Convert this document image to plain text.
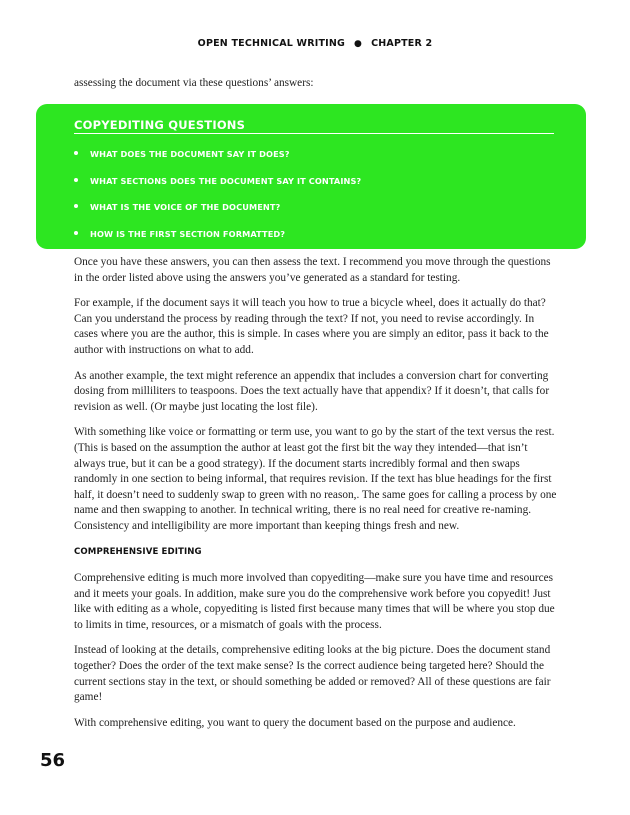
OPEN TECHNICAL WRITING ● CHAPTER 2

assessing the document via these questions’ answers:

COPYEDITING QUESTIONS
WHAT DOES THE DOCUMENT SAY IT DOES?
WHAT SECTIONS DOES THE DOCUMENT SAY IT CONTAINS?
WHAT IS THE VOICE OF THE DOCUMENT?
HOW IS THE FIRST SECTION FORMATTED?

Once you have these answers, you can then assess the text. I recommend you move through the questions in the order listed above using the answers you’ve generated as a standard for testing.

For example, if the document says it will teach you how to true a bicycle wheel, does it actually do that? Can you understand the process by reading through the text? If not, you need to revise accordingly. In cases where you are the author, this is simple. In cases where you are simply an editor, pass it back to the author with instructions on what to add.

As another example, the text might reference an appendix that includes a conversion chart for converting dosing from milliliters to teaspoons. Does the text actually have that appendix? If it doesn’t, that calls for revision as well. (Or maybe just locating the lost file).

With something like voice or formatting or term use, you want to go by the start of the text versus the rest. (This is based on the assumption the author at least got the first bit the way they intended—that isn’t always true, but it can be a good strategy). If the document starts incredibly formal and then swaps randomly in one section to being informal, that requires revision. If the text has blue headings for the first half, it doesn’t need to suddenly swap to green with no reason,. The same goes for calling a process by one name and then swapping to another. In technical writing, there is no real need for creative re-naming. Consistency and intelligibility are more important than keeping things fresh and new.

COMPREHENSIVE EDITING

Comprehensive editing is much more involved than copyediting—make sure you have time and resources and it meets your goals. In addition, make sure you do the comprehensive work before you copyedit! Just like with editing as a whole, copyediting is listed first because many times that will be where you stop due to limits in time, resources, or a mismatch of goals with the process.

Instead of looking at the details, comprehensive editing looks at the big picture. Does the document stand together? Does the order of the text make sense? Is the correct audience being targeted here? Should the current sections stay in the text, or should something be added or removed? All of these questions are fair game!

With comprehensive editing, you want to query the document based on the purpose and audience.

56
